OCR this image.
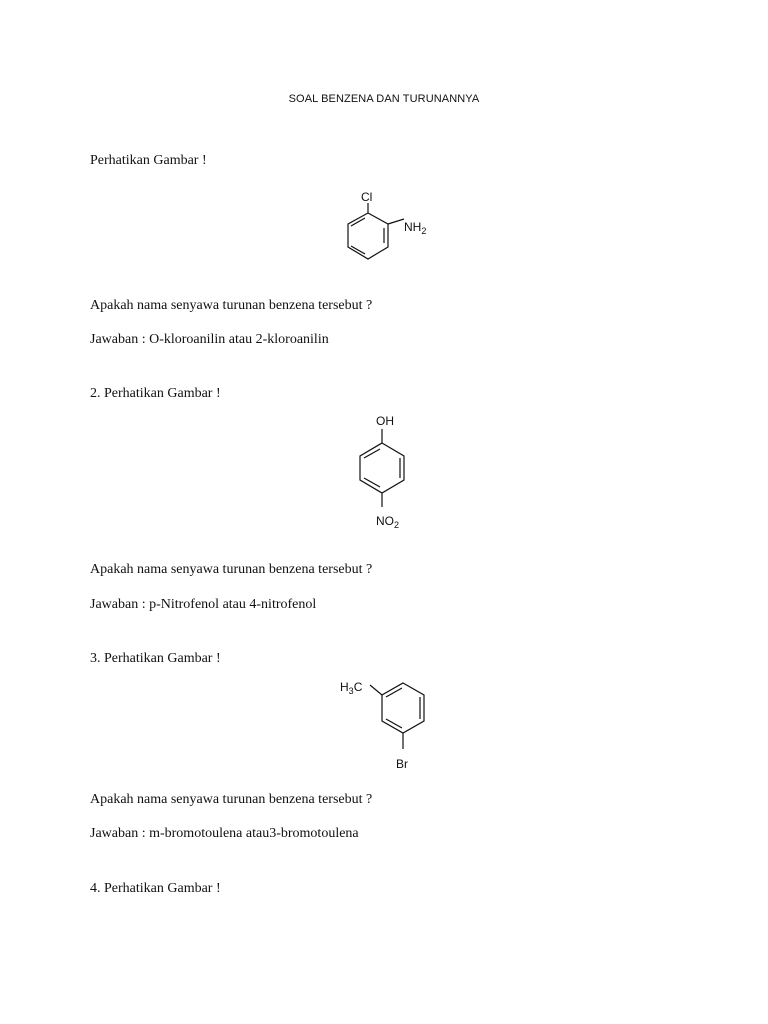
SOAL BENZENA DAN TURUNANNYA
Perhatikan Gambar !
Cl
$NH_2$
Apakah nama senyawa turunan benzena tersebut ?
Jawaban : O-kloroanilin atau 2-kloroanilin
2. Perhatikan Gambar !
OH
$NO_2$
Apakah nama senyawa turunan benzena tersebut ?
Jawaban : p-Nitrofenol atau 4-nitrofenol
3. Perhatikan Gambar !
$H_3C$
Br
Apakah nama senyawa turunan benzena tersebut ?
Jawaban : m-bromotoulena atau3-bromotoulena
4. Perhatikan Gambar !
